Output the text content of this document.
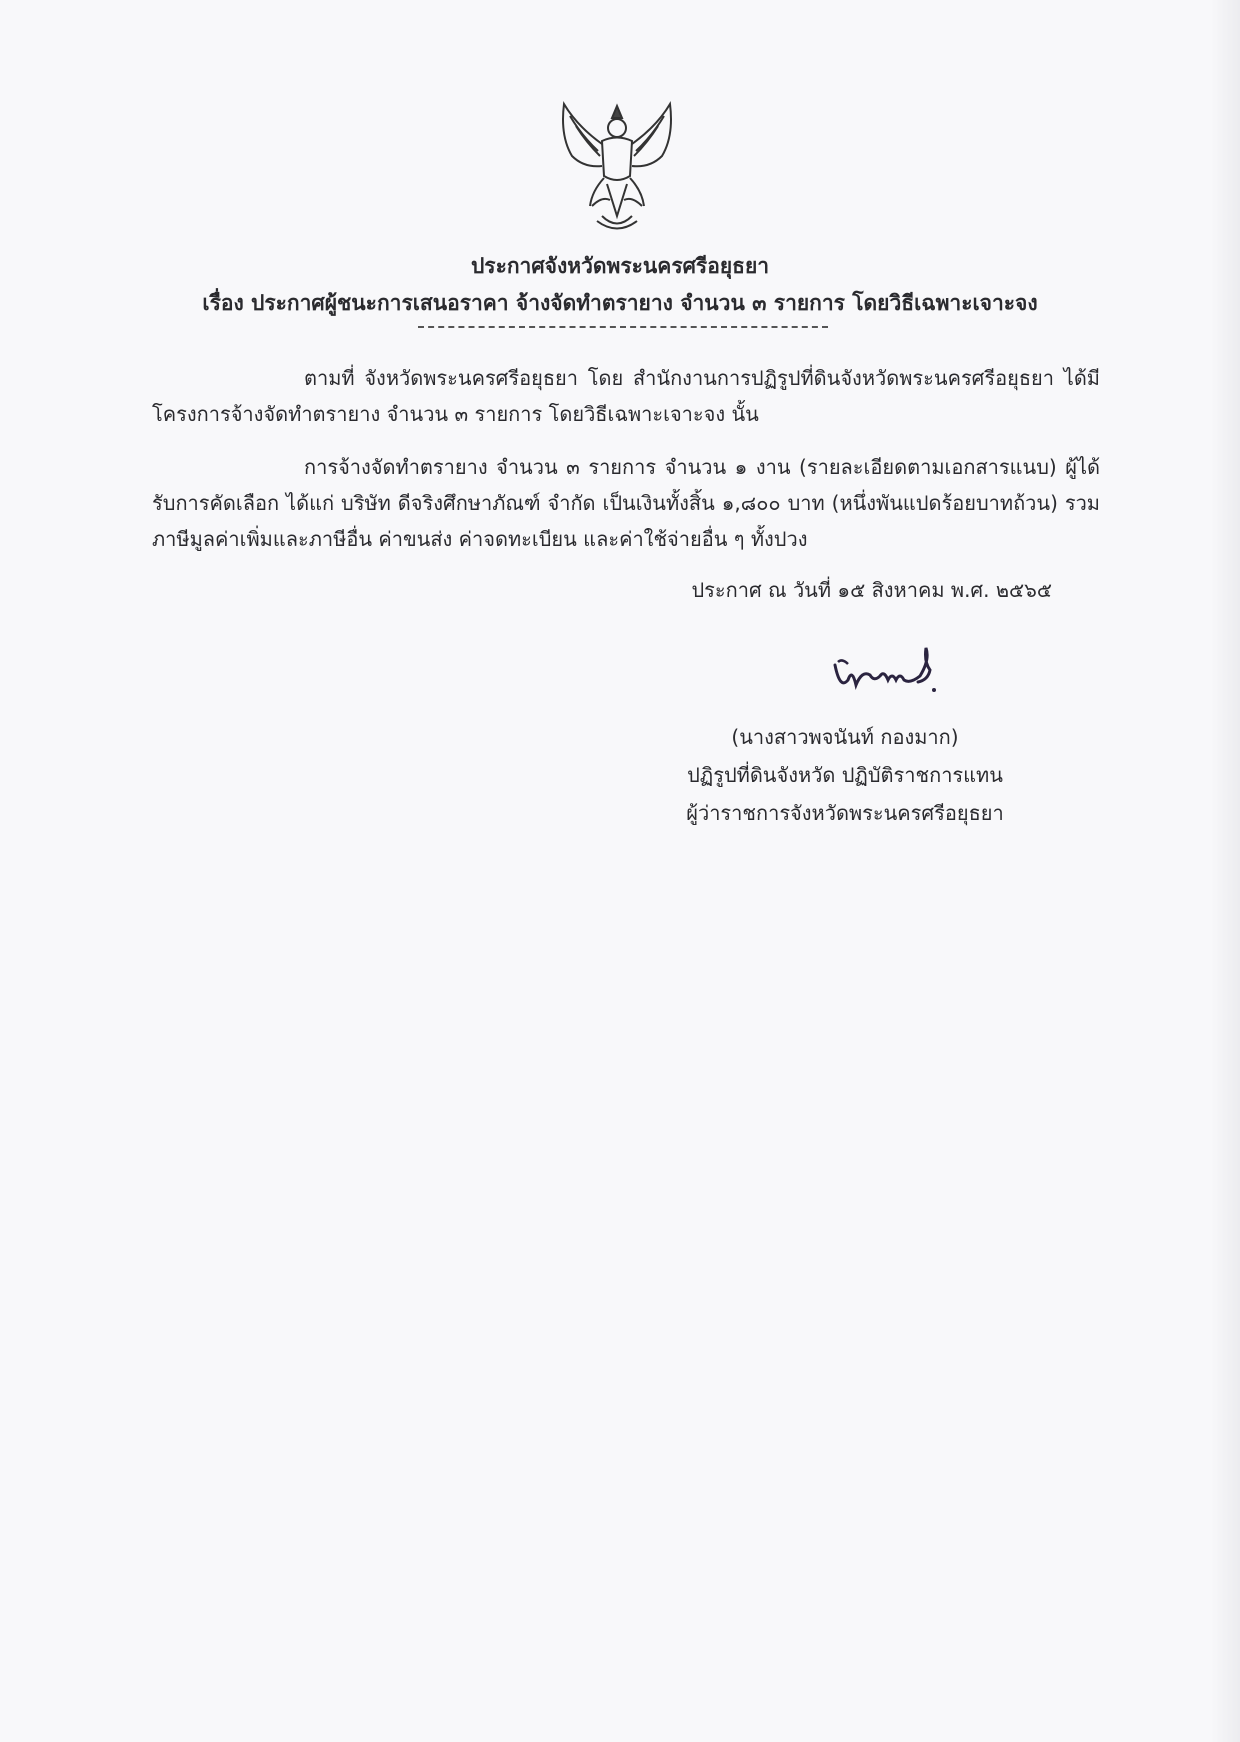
ประกาศจังหวัดพระนครศรีอยุธยา
เรื่อง ประกาศผู้ชนะการเสนอราคา จ้างจัดทำตรายาง จำนวน ๓ รายการ โดยวิธีเฉพาะเจาะจง
ตามที่ จังหวัดพระนครศรีอยุธยา โดย สำนักงานการปฏิรูปที่ดินจังหวัดพระนครศรีอยุธยา ได้มีโครงการจ้างจัดทำตรายาง จำนวน ๓ รายการ โดยวิธีเฉพาะเจาะจง นั้น
การจ้างจัดทำตรายาง จำนวน ๓ รายการ จำนวน ๑ งาน (รายละเอียดตามเอกสารแนบ) ผู้ได้รับการคัดเลือก ได้แก่ บริษัท ดีจริงศึกษาภัณฑ์ จำกัด เป็นเงินทั้งสิ้น ๑,๘๐๐ บาท (หนึ่งพันแปดร้อยบาทถ้วน) รวมภาษีมูลค่าเพิ่มและภาษีอื่น ค่าขนส่ง ค่าจดทะเบียน และค่าใช้จ่ายอื่น ๆ ทั้งปวง
ประกาศ ณ วันที่ ๑๕ สิงหาคม พ.ศ. ๒๕๖๕
(นางสาวพจนันท์ กองมาก)
ปฏิรูปที่ดินจังหวัด ปฏิบัติราชการแทน
ผู้ว่าราชการจังหวัดพระนครศรีอยุธยา
